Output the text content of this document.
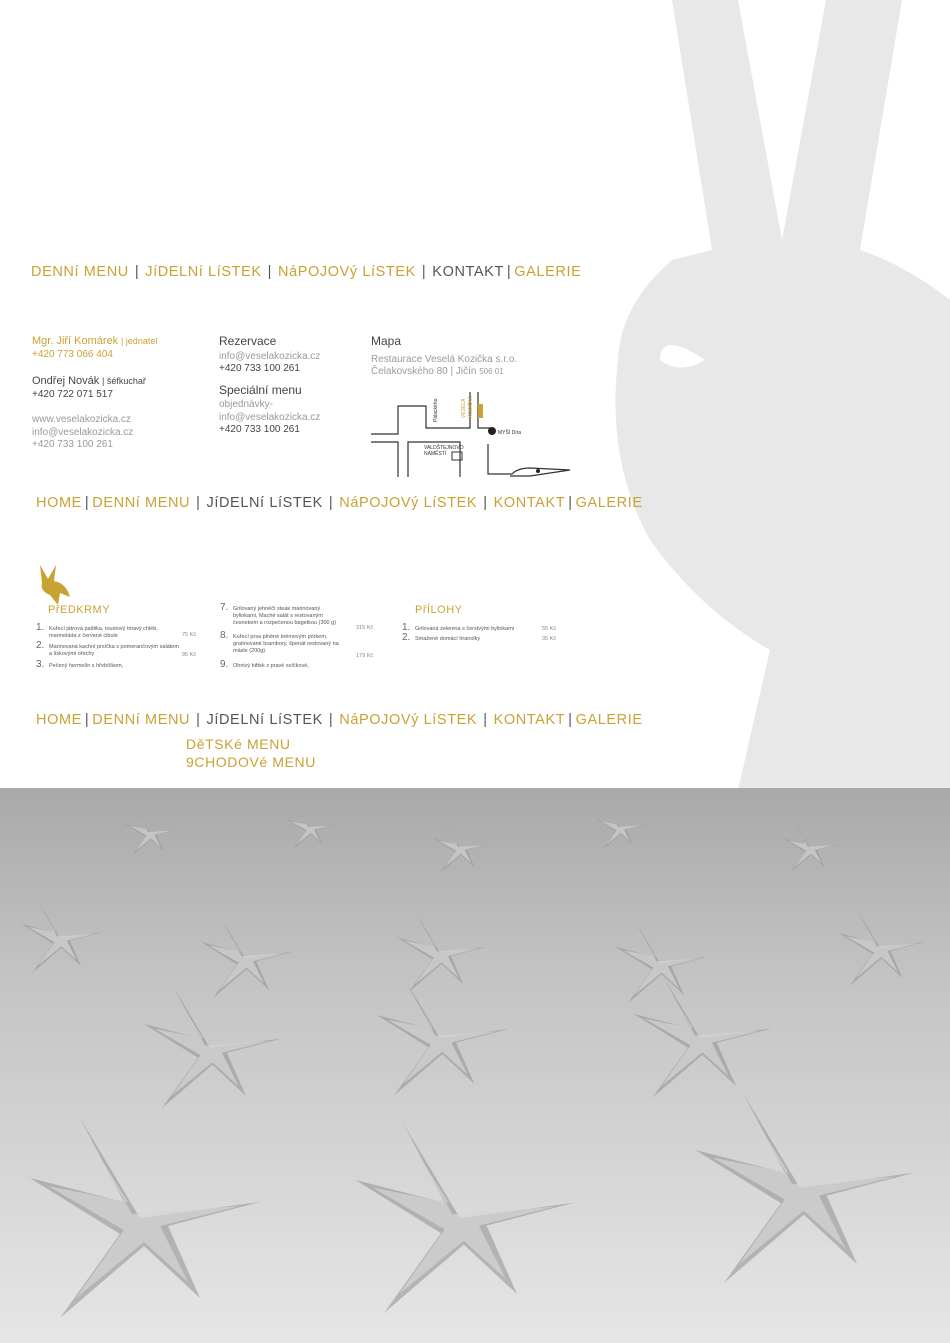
DENNí MENU | JíDELNí LíSTEK | NáPOJOVý LíSTEK | KONTAKT | GALERIE
Mgr. Jiří Komárek | jednatel
+420 773 066 404
Ondřej Novák | šéfkuchař
+420 722 071 517
www.veselakozicka.cz
info@veselakozicka.cz
+420 733 100 261
Rezervace
info@veselakozicka.cz
+420 733 100 261
Speciální menu
objednávky-
info@veselakozicka.cz
+420 733 100 261
Mapa
Restaurace Veselá Kozička s.r.o.
Čelakovského 80 | Jičín 506 01
Pálackého	VESELÁ KOZIČKA
VALDŠTEJNOVO
NÁMĚSTÍ
MYŠÍ Díra
HOME | DENNí MENU | JíDELNí LíSTEK | NáPOJOVý LíSTEK | KONTAKT | GALERIE
PřEDKRMY	PřÍLOHY
1. Kuřecí játrová paštika, toustový tmavý chléb, marmeláda z červené cibule	75 Kč
2. Marinovaná kachní prsíčka s pomerančovým salátem a lískovými ořechy	95 Kč
3. Pečený hermelín s hřebíčkem,
7. Grilovaný jehněčí steak marinovaný bylinkami, Maché salát s restovaným česnekem a rozpečenou bagetkou (300 g)
315 Kč
8. Kuřecí prsa plněné krémovým pórkem, gratinované brambory, špenát restovaný na másle (200g)
179 Kč
9. Ohnivý biftek z pravé svíčkové,
1. Grilovaná zelenina s čerstvými bylinkami	55 Kč
2. Smažené domácí hranolky	35 Kč
HOME | DENNí MENU | JíDELNí LíSTEK | NáPOJOVý LíSTEK | KONTAKT | GALERIE
DěTSKé MENU
9CHODOVé MENU
